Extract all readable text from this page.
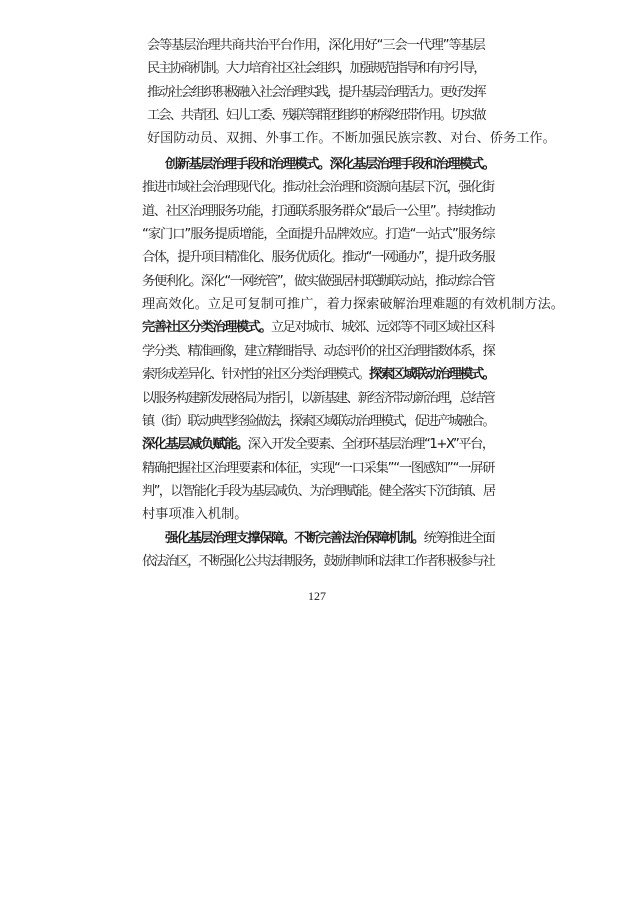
会等基层治理共商共治平台作用，深化用好“三会一代理”等基层
民主协商机制。大力培育社区社会组织，加强规范指导和有序引导，
推动社会组织积极融入社会治理实践，提升基层治理活力。更好发挥
工会、共青团、妇儿工委、残联等群团组织的桥梁纽带作用。切实做
好国防动员、双拥、外事工作。不断加强民族宗教、对台、侨务工作。
创新基层治理手段和治理模式。深化基层治理手段和治理模式。
推进市域社会治理现代化。推动社会治理和资源向基层下沉，强化街
道、社区治理服务功能，打通联系服务群众“最后一公里”。持续推动
“家门口”服务提质增能，全面提升品牌效应。打造“一站式”服务综
合体，提升项目精准化、服务优质化。推动“一网通办”，提升政务服
务便利化。深化“一网统管”，做实做强居村联勤联动站，推动综合管
理高效化。立足可复制可推广，着力探索破解治理难题的有效机制方法。
完善社区分类治理模式。立足对城市、城郊、远郊等不同区域社区科
学分类、精准画像，建立精细指导、动态评价的社区治理指数体系，探
索形成差异化、针对性的社区分类治理模式。探索区域联动治理模式。
以服务构建新发展格局为指引，以新基建、新经济带动新治理，总结管
镇（街）联动典型经验做法，探索区域联动治理模式，促进产城融合。
深化基层减负赋能。深入开发全要素、全闭环基层治理“1+X”平台，
精确把握社区治理要素和体征，实现“一口采集”“一图感知”“一屏研
判”，以智能化手段为基层减负、为治理赋能。健全落实下沉街镇、居
村事项准入机制。
强化基层治理支撑保障。不断完善法治保障机制。统筹推进全面
依法治区，不断强化公共法律服务，鼓励律师和法律工作者积极参与社
127
